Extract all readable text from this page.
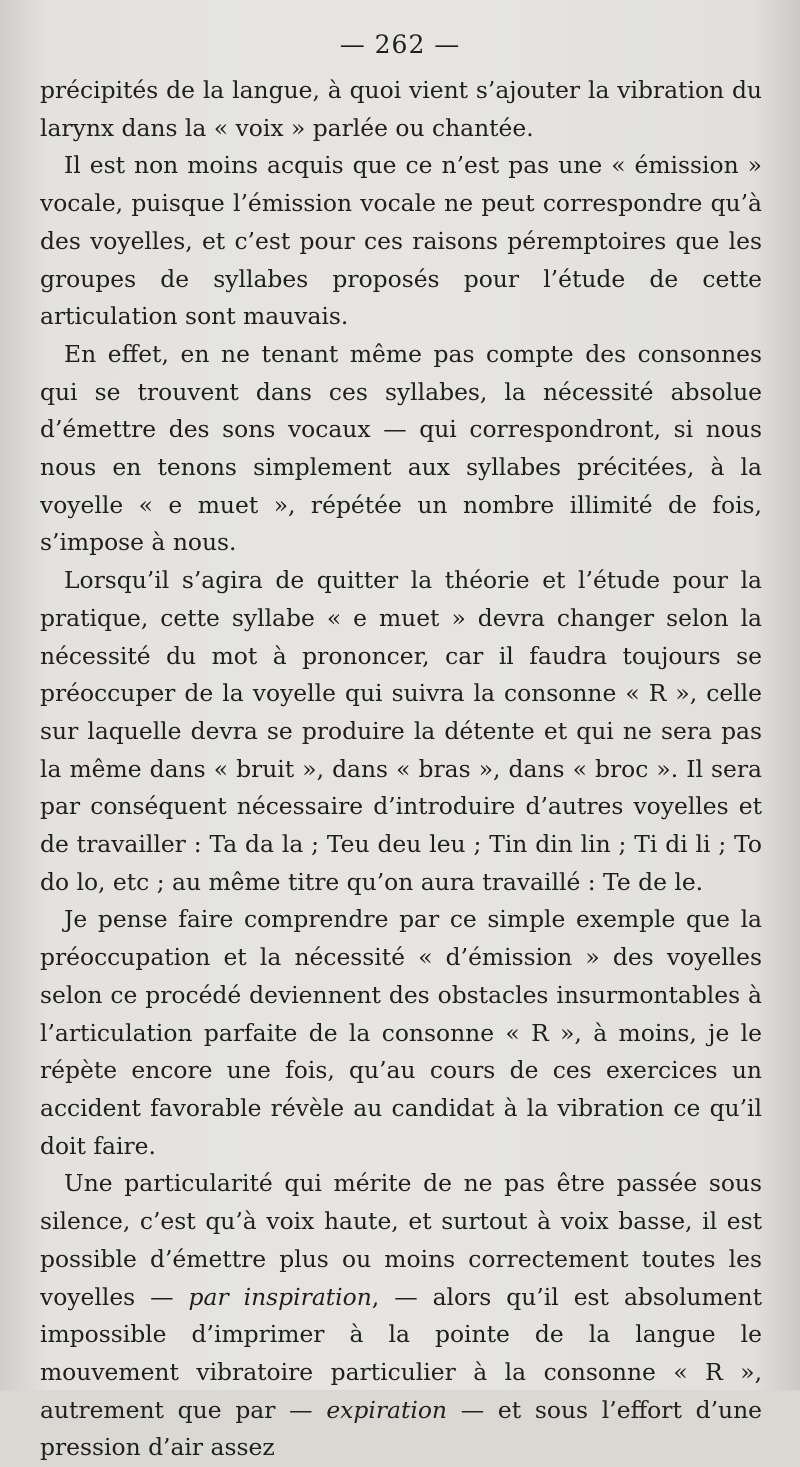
— 262 —

précipités de la langue, à quoi vient s’ajouter la vibration du larynx dans la « voix » parlée ou chantée.

Il est non moins acquis que ce n’est pas une « émission » vocale, puisque l’émission vocale ne peut correspondre qu’à des voyelles, et c’est pour ces raisons péremptoires que les groupes de syllabes proposés pour l’étude de cette articulation sont mauvais.

En effet, en ne tenant même pas compte des consonnes qui se trouvent dans ces syllabes, la nécessité absolue d’émettre des sons vocaux — qui correspondront, si nous nous en tenons simplement aux syllabes précitées, à la voyelle « e muet », répétée un nombre illimité de fois, s’impose à nous.

Lorsqu’il s’agira de quitter la théorie et l’étude pour la pratique, cette syllabe « e muet » devra changer selon la nécessité du mot à prononcer, car il faudra toujours se préoccuper de la voyelle qui suivra la consonne « R », celle sur laquelle devra se produire la détente et qui ne sera pas la même dans « bruit », dans « bras », dans « broc ». Il sera par conséquent nécessaire d’introduire d’autres voyelles et de travailler : Ta da la ; Teu deu leu ; Tin din lin ; Ti di li ; To do lo, etc ; au même titre qu’on aura travaillé : Te de le.

Je pense faire comprendre par ce simple exemple que la préoccupation et la nécessité « d’émission » des voyelles selon ce procédé deviennent des obstacles insurmontables à l’articulation parfaite de la consonne « R », à moins, je le répète encore une fois, qu’au cours de ces exercices un accident favorable révèle au candidat à la vibration ce qu’il doit faire.

Une particularité qui mérite de ne pas être passée sous silence, c’est qu’à voix haute, et surtout à voix basse, il est possible d’émettre plus ou moins correctement toutes les voyelles — par inspiration, — alors qu’il est absolument impossible d’imprimer à la pointe de la langue le mouvement vibratoire particulier à la consonne « R », autrement que par — expiration — et sous l’effort d’une pression d’air assez
